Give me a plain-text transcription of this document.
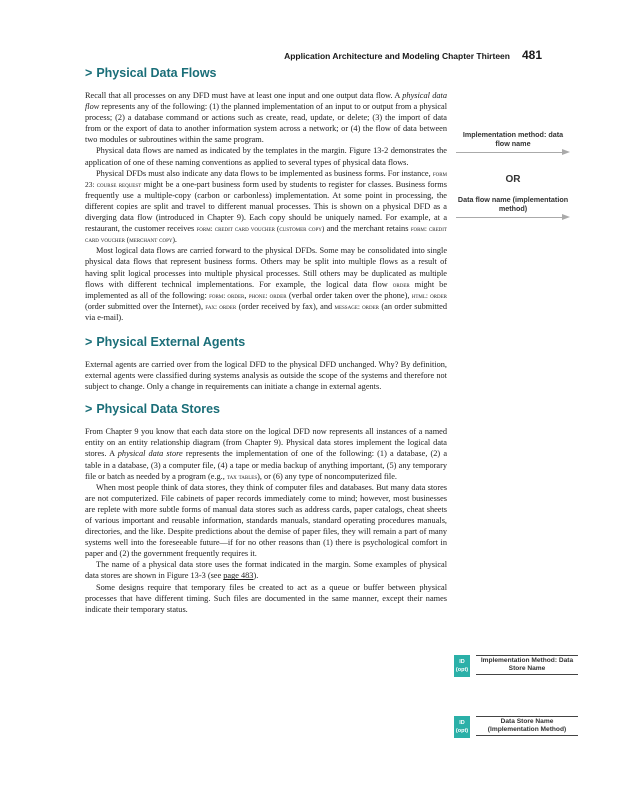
Application Architecture and Modeling Chapter Thirteen 481
> Physical Data Flows

Recall that all processes on any DFD must have at least one input and one output data flow. A physical data flow represents any of the following: (1) the planned implementation of an input to or output from a physical process; (2) a database command or actions such as create, read, update, or delete; (3) the import of data from or the export of data to another information system across a network; or (4) the flow of data between two modules or subroutines within the same program.

Physical data flows are named as indicated by the templates in the margin. Figure 13-2 demonstrates the application of one of these naming conventions as applied to several types of physical data flows.

Physical DFDs must also indicate any data flows to be implemented as business forms. For instance, form 23: course request might be a one-part business form used by students to register for classes. Business forms frequently use a multiple-copy (carbon or carbonless) implementation. At some point in processing, the different copies are split and travel to different manual processes. This is shown on a physical DFD as a diverging data flow (introduced in Chapter 9). Each copy should be uniquely named. For example, at a restaurant, the customer receives form: credit card voucher (customer copy) and the merchant retains form: credit card voucher (merchant copy).

Most logical data flows are carried forward to the physical DFDs. Some may be consolidated into single physical data flows that represent business forms. Others may be split into multiple flows as a result of having split logical processes into multiple physical processes. Still others may be duplicated as multiple flows with different technical implementations. For example, the logical data flow order might be implemented as all of the following: form: order, phone: order (verbal order taken over the phone), html: order (order submitted over the Internet), fax: order (order received by fax), and message: order (an order submitted via e-mail).

> Physical External Agents

External agents are carried over from the logical DFD to the physical DFD unchanged. Why? By definition, external agents were classified during systems analysis as outside the scope of the systems and therefore not subject to change. Only a change in requirements can initiate a change in external agents.

> Physical Data Stores

From Chapter 9 you know that each data store on the logical DFD now represents all instances of a named entity on an entity relationship diagram (from Chapter 9). Physical data stores implement the logical data stores. A physical data store represents the implementation of one of the following: (1) a database, (2) a table in a database, (3) a computer file, (4) a tape or media backup of anything important, (5) any temporary file or batch as needed by a program (e.g., tax tables), or (6) any type of noncomputerized file.

When most people think of data stores, they think of computer files and databases. But many data stores are not computerized. File cabinets of paper records immediately come to mind; however, most businesses are replete with more subtle forms of manual data stores such as address cards, paper catalogs, cheat sheets of various important and reusable information, standards manuals, standard operating procedures manuals, directories, and the like. Despite predictions about the demise of paper files, they will remain a part of many systems well into the foreseeable future—if for no other reasons than (1) there is psychological comfort in paper and (2) the government frequently requires it.

The name of a physical data store uses the format indicated in the margin. Some examples of physical data stores are shown in Figure 13-3 (see page 483).

Some designs require that temporary files be created to act as a queue or buffer between physical processes that have different timing. Such files are documented in the same manner, except their names indicate their temporary status.

Implementation method: data flow name
OR
Data flow name (implementation method)
ID
(opt)
Implementation Method: Data Store Name
ID
(opt)
Data Store Name (Implementation Method)
